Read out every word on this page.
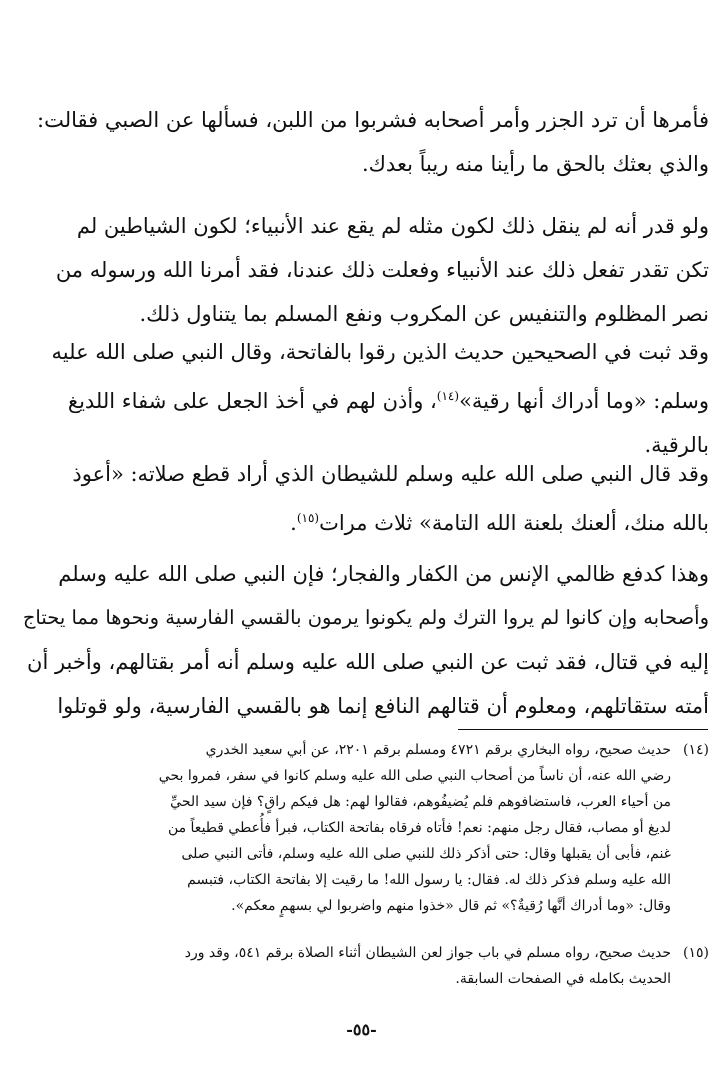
فأمرها أن ترد الجزر وأمر أصحابه فشربوا من اللبن، فسألها عن الصبي فقالت:
والذي بعثك بالحق ما رأينا منه ريباً بعدك.
ولو قدر أنه لم ينقل ذلك لكون مثله لم يقع عند الأنبياء؛ لكون الشياطين لم
تكن تقدر تفعل ذلك عند الأنبياء وفعلت ذلك عندنا، فقد أمرنا الله ورسوله من
نصر المظلوم والتنفيس عن المكروب ونفع المسلم بما يتناول ذلك.
وقد ثبت في الصحيحين حديث الذين رقوا بالفاتحة، وقال النبي صلى الله عليه
وسلم: «وما أدراك أنها رقية»$^{(١٤)}$، وأذن لهم في أخذ الجعل على شفاء اللديغ
بالرقية.
وقد قال النبي صلى الله عليه وسلم للشيطان الذي أراد قطع صلاته: «أعوذ
بالله منك، ألعنك بلعنة الله التامة» ثلاث مرات$^{(١٥)}$.
وهذا كدفع ظالمي الإنس من الكفار والفجار؛ فإن النبي صلى الله عليه وسلم
وأصحابه وإن كانوا لم يروا الترك ولم يكونوا يرمون بالقسي الفارسية ونحوها مما يحتاج
إليه في قتال، فقد ثبت عن النبي صلى الله عليه وسلم أنه أمر بقتالهم، وأخبر أن
أمته ستقاتلهم، ومعلوم أن قتالهم النافع إنما هو بالقسي الفارسية، ولو قوتلوا
(١٤)
حديث صحيح، رواه البخاري برقم ٤٧٢١ ومسلم برقم ٢٢٠١، عن أبي سعيد الخدري
رضي الله عنه، أن ناساً من أصحاب النبي صلى الله عليه وسلم كانوا في سفر، فمروا بحي
من أحياء العرب، فاستضافوهم فلم يُضيفُوهم، فقالوا لهم: هل فيكم راقٍ؟ فإن سيد الحيِّ
لديغ أو مصاب، فقال رجل منهم: نعم! فأتاه فرقاه بفاتحة الكتاب، فبرأ فأُعطي قطيعاً من
غنم، فأبى أن يقبلها وقال: حتى أذكر ذلك للنبي صلى الله عليه وسلم، فأتى النبي صلى
الله عليه وسلم فذكر ذلك له. فقال: يا رسول الله! ما رقيت إلا بفاتحة الكتاب، فتبسم
وقال: «وما أدراك أنَّها رُقيةٌ؟» ثم قال «خذوا منهم واضربوا لي بسهمٍ معكم».
(١٥)
حديث صحيح، رواه مسلم في باب جواز لعن الشيطان أثناء الصلاة برقم ٥٤١، وقد ورد
الحديث بكامله في الصفحات السابقة.
-٥٥-
